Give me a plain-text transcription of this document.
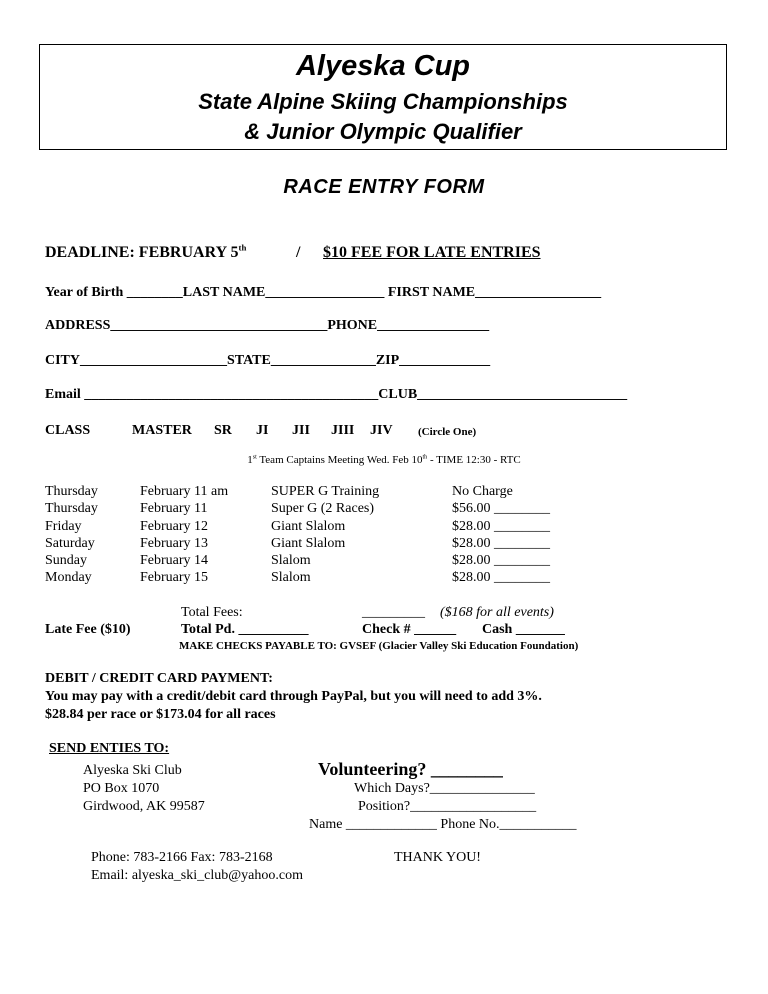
Alyeska Cup
State Alpine Skiing Championships
& Junior Olympic Qualifier
RACE ENTRY FORM
DEADLINE: FEBRUARY 5th	/ $10 FEE FOR LATE ENTRIES
Year of Birth ________LAST NAME_________________ FIRST NAME__________________
ADDRESS_______________________________PHONE________________
CITY_____________________STATE_______________ZIP_____________
Email __________________________________________CLUB______________________________
CLASS	MASTER SR JI JII JIII JIV (Circle One)
1st Team Captains Meeting Wed. Feb 10th - TIME 12:30 - RTC
Thursday	February 11 am	SUPER G Training	No Charge
Thursday	February 11	Super G (2 Races)	$56.00 ________
Friday	February 12	Giant Slalom	$28.00 ________
Saturday	February 13	Giant Slalom	$28.00 ________
Sunday	February 14	Slalom	$28.00 ________
Monday	February 15	Slalom	$28.00 ________
Total Fees:	_________ ($168 for all events)
Late Fee ($10)	Total Pd. __________	Check # ______ Cash _______
MAKE CHECKS PAYABLE TO: GVSEF (Glacier Valley Ski Education Foundation)
DEBIT / CREDIT CARD PAYMENT:
You may pay with a credit/debit card through PayPal, but you will need to add 3%.
$28.84 per race or $173.04 for all races
SEND ENTIES TO:
Alyeska Ski Club
PO Box 1070
Girdwood, AK 99587
Volunteering? ________
Which Days?_______________
Position?__________________
Name _____________ Phone No.___________
Phone: 783-2166 Fax: 783-2168	THANK YOU!
Email: alyeska_ski_club@yahoo.com
